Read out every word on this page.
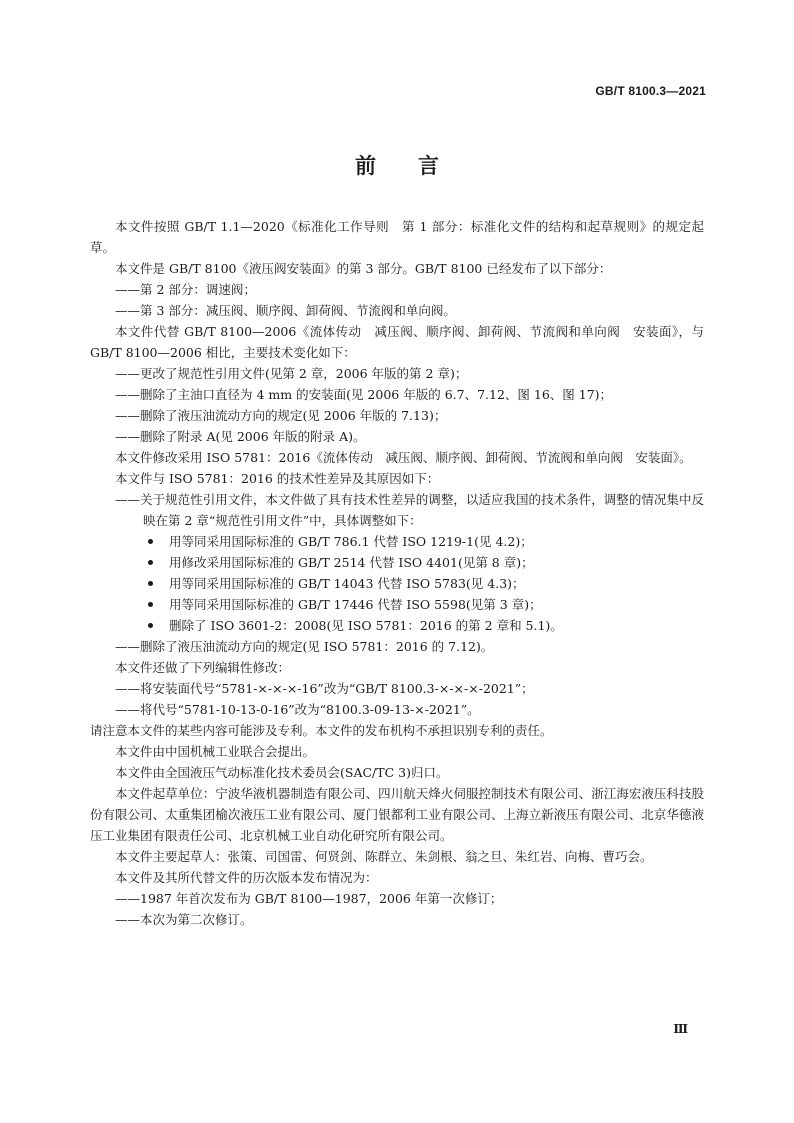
GB/T 8100.3—2021
前言

本文件按照 GB/T 1.1—2020《标准化工作导则　第 1 部分：标准化文件的结构和起草规则》的规定起草。

本文件是 GB/T 8100《液压阀安装面》的第 3 部分。GB/T 8100 已经发布了以下部分：

——第 2 部分：调速阀；

——第 3 部分：减压阀、顺序阀、卸荷阀、节流阀和单向阀。

本文件代替 GB/T 8100—2006《流体传动　减压阀、顺序阀、卸荷阀、节流阀和单向阀　安装面》，与 GB/T 8100—2006 相比，主要技术变化如下：

——更改了规范性引用文件(见第 2 章，2006 年版的第 2 章)；

——删除了主油口直径为 4 mm 的安装面(见 2006 年版的 6.7、7.12、图 16、图 17)；

——删除了液压油流动方向的规定(见 2006 年版的 7.13)；

——删除了附录 A(见 2006 年版的附录 A)。

本文件修改采用 ISO 5781：2016《流体传动　减压阀、顺序阀、卸荷阀、节流阀和单向阀　安装面》。

本文件与 ISO 5781：2016 的技术性差异及其原因如下：

——关于规范性引用文件，本文件做了具有技术性差异的调整，以适应我国的技术条件，调整的情况集中反映在第 2 章“规范性引用文件”中，具体调整如下：

用等同采用国际标准的 GB/T 786.1 代替 ISO 1219-1(见 4.2)；
用修改采用国际标准的 GB/T 2514 代替 ISO 4401(见第 8 章)；
用等同采用国际标准的 GB/T 14043 代替 ISO 5783(见 4.3)；
用等同采用国际标准的 GB/T 17446 代替 ISO 5598(见第 3 章)；
删除了 ISO 3601-2：2008(见 ISO 5781：2016 的第 2 章和 5.1)。

——删除了液压油流动方向的规定(见 ISO 5781：2016 的 7.12)。

本文件还做了下列编辑性修改：

——将安装面代号“5781-×-×-×-16”改为“GB/T 8100.3-×-×-×-2021”；

——将代号“5781-10-13-0-16”改为“8100.3-09-13-×-2021”。

请注意本文件的某些内容可能涉及专利。本文件的发布机构不承担识别专利的责任。

本文件由中国机械工业联合会提出。

本文件由全国液压气动标准化技术委员会(SAC/TC 3)归口。

本文件起草单位：宁波华液机器制造有限公司、四川航天烽火伺服控制技术有限公司、浙江海宏液压科技股份有限公司、太重集团榆次液压工业有限公司、厦门银都利工业有限公司、上海立新液压有限公司、北京华德液压工业集团有限责任公司、北京机械工业自动化研究所有限公司。

本文件主要起草人：张策、司国雷、何贤剑、陈群立、朱剑根、翁之旦、朱红岩、向梅、曹巧会。

本文件及其所代替文件的历次版本发布情况为：

——1987 年首次发布为 GB/T 8100—1987，2006 年第一次修订；

——本次为第二次修订。

Ⅲ
